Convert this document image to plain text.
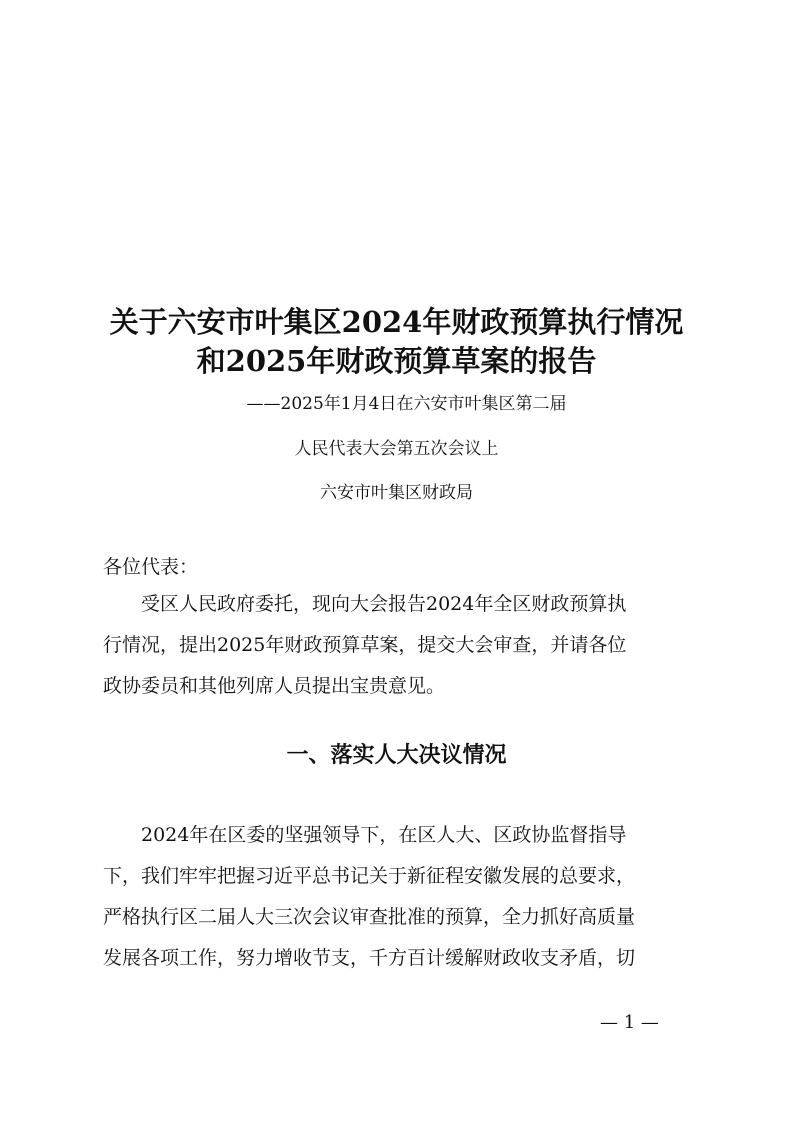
关于六安市叶集区2024年财政预算执行情况
和2025年财政预算草案的报告
——2025年1月4日在六安市叶集区第二届
人民代表大会第五次会议上
六安市叶集区财政局
各位代表：
受区人民政府委托，现向大会报告2024年全区财政预算执
行情况，提出2025年财政预算草案，提交大会审查，并请各位
政协委员和其他列席人员提出宝贵意见。
一、落实人大决议情况
2024年在区委的坚强领导下，在区人大、区政协监督指导
下，我们牢牢把握习近平总书记关于新征程安徽发展的总要求，
严格执行区二届人大三次会议审查批准的预算，全力抓好高质量
发展各项工作，努力增收节支，千方百计缓解财政收支矛盾，切
— 1 —
